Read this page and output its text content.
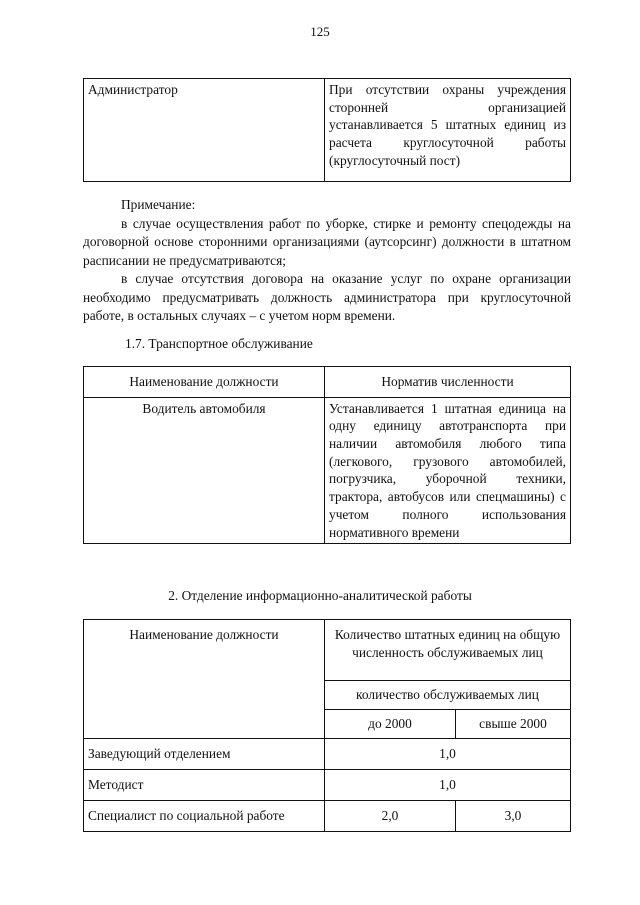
125
Администратор	При отсутствии охраны учреждения сторонней организацией устанавливается 5 штатных единиц из расчета круглосуточной работы (круглосуточный пост)

Примечание:

в случае осуществления работ по уборке, стирке и ремонту спецодежды на договорной основе сторонними организациями (аутсорсинг) должности в штатном расписании не предусматриваются;

в случае отсутствия договора на оказание услуг по охране организации необходимо предусматривать должность администратора при круглосуточной работе, в остальных случаях – с учетом норм времени.

1.7. Транспортное обслуживание
Наименование должности	Норматив численности
Водитель автомобиля	Устанавливается 1 штатная единица на одну единицу автотранспорта при наличии автомобиля любого типа (легкового, грузового автомобилей, погрузчика, уборочной техники, трактора, автобусов или спецмашины) с учетом полного использования нормативного времени
2. Отделение информационно-аналитической работы
Наименование должности	Количество штатных единиц на общую численность обслуживаемых лиц	
	количество обслуживаемых лиц	
	до 2000	свыше 2000
Заведующий отделением	1,0	
Методист	1,0	
Специалист по социальной работе	2,0	3,0
